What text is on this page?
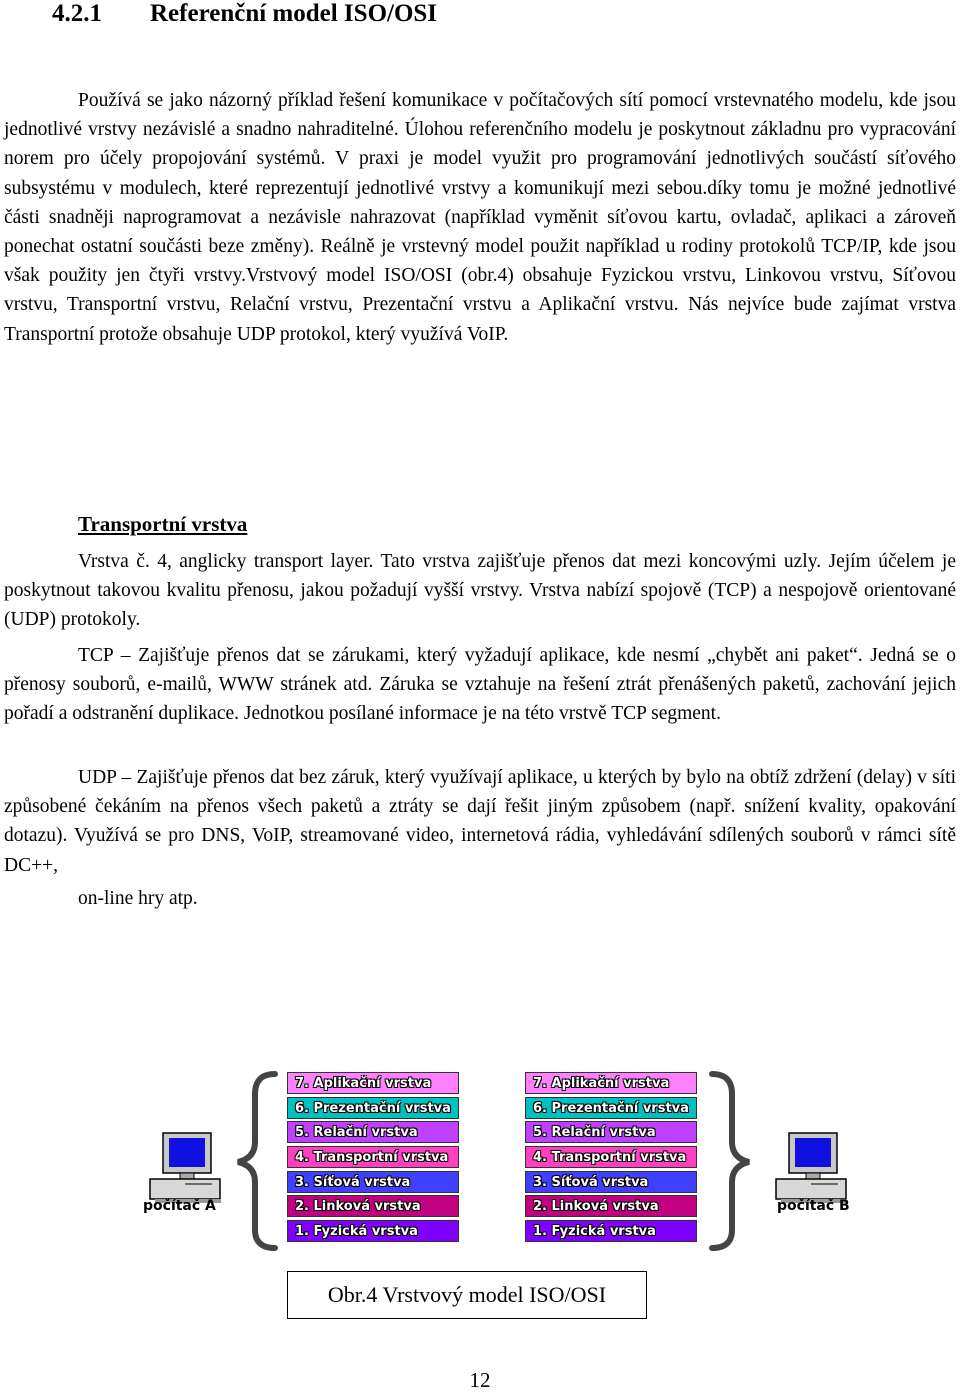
4.2.1 Referenční model ISO/OSI
Používá se jako názorný příklad řešení komunikace v počítačových sítí pomocí vrstevnatého modelu, kde jsou jednotlivé vrstvy nezávislé a snadno nahraditelné. Úlohou referenčního modelu je poskytnout základnu pro vypracování norem pro účely propojování systémů. V praxi je model využit pro programování jednotlivých součástí síťového subsystému v modulech, které reprezentují jednotlivé vrstvy a komunikují mezi sebou.díky tomu je možné jednotlivé části snadněji naprogramovat a nezávisle nahrazovat (například vyměnit síťovou kartu, ovladač, aplikaci a zároveň ponechat ostatní součásti beze změny). Reálně je vrstevný model použit například u rodiny protokolů TCP/IP, kde jsou však použity jen čtyři vrstvy.Vrstvový model ISO/OSI (obr.4) obsahuje Fyzickou vrstvu, Linkovou vrstvu, Síťovou vrstvu, Transportní vrstvu, Relační vrstvu, Prezentační vrstvu a Aplikační vrstvu. Nás nejvíce bude zajímat vrstva Transportní protože obsahuje UDP protokol, který využívá VoIP.
Transportní vrstva
Vrstva č. 4, anglicky transport layer. Tato vrstva zajišťuje přenos dat mezi koncovými uzly. Jejím účelem je poskytnout takovou kvalitu přenosu, jakou požadují vyšší vrstvy. Vrstva nabízí spojově (TCP) a nespojově orientované (UDP) protokoly.
TCP – Zajišťuje přenos dat se zárukami, který vyžadují aplikace, kde nesmí „chybět ani paket“. Jedná se o přenosy souborů, e-mailů, WWW stránek atd. Záruka se vztahuje na řešení ztrát přenášených paketů, zachování jejich pořadí a odstranění duplikace. Jednotkou posílané informace je na této vrstvě TCP segment.
UDP – Zajišťuje přenos dat bez záruk, který využívají aplikace, u kterých by bylo na obtíž zdržení (delay) v síti způsobené čekáním na přenos všech paketů a ztráty se dají řešit jiným způsobem (např. snížení kvality, opakování dotazu). Využívá se pro DNS, VoIP, streamované video, internetová rádia, vyhledávání sdílených souborů v rámci sítě DC++,
on-line hry atp.
počítač A	počítač B
7. Aplikační vrstva
6. Prezentační vrstva
5. Relační vrstva
4. Transportní vrstva
3. Síťová vrstva
2. Linková vrstva
1. Fyzická vrstva
7. Aplikační vrstva
6. Prezentační vrstva
5. Relační vrstva
4. Transportní vrstva
3. Síťová vrstva
2. Linková vrstva
1. Fyzická vrstva
Obr.4 Vrstvový model ISO/OSI
12
